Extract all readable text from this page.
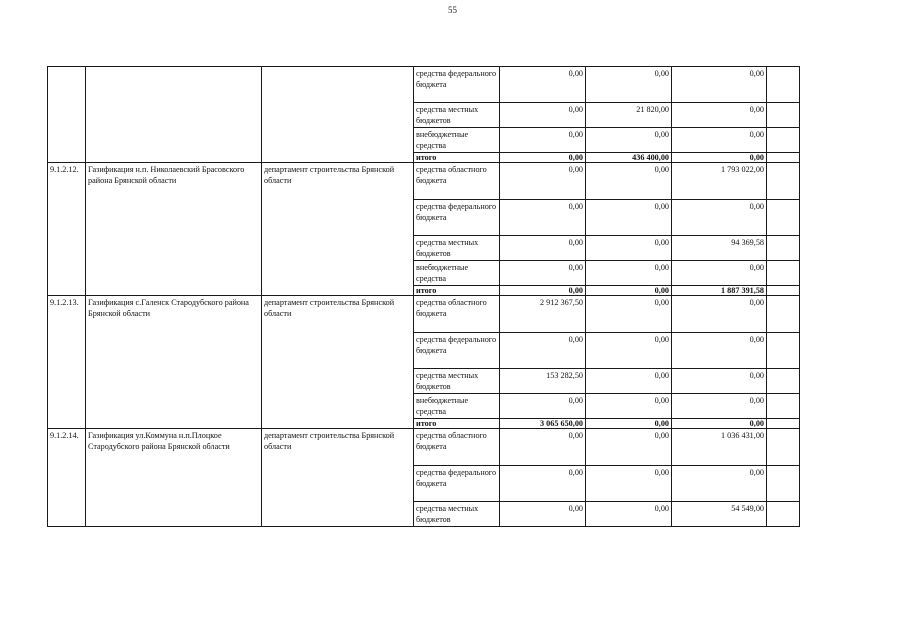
55
			средства федерального бюджета	0,00	0,00	0,00	
			средства местных бюджетов	0,00	21 820,00	0,00	
			внебюджетные средства	0,00	0,00	0,00	
			итого	0,00	436 400,00	0,00	
9.1.2.12.	Газификация н.п. Николаевский Брасовского района Брянской области	департамент строительства Брянской области	средства областного бюджета	0,00	0,00	1 793 022,00	
			средства федерального бюджета	0,00	0,00	0,00	
			средства местных бюджетов	0,00	0,00	94 369,58	
			внебюджетные средства	0,00	0,00	0,00	
			итого	0,00	0,00	1 887 391,58	
9.1.2.13.	Газификация с.Галенск Стародубского района Брянской области	департамент строительства Брянской области	средства областного бюджета	2 912 367,50	0,00	0,00	
			средства федерального бюджета	0,00	0,00	0,00	
			средства местных бюджетов	153 282,50	0,00	0,00	
			внебюджетные средства	0,00	0,00	0,00	
			итого	3 065 650,00	0,00	0,00	
9.1.2.14.	Газификация ул.Коммуна н.п.Плоцкое Стародубского района Брянской области	департамент строительства Брянской области	средства областного бюджета	0,00	0,00	1 036 431,00	
			средства федерального бюджета	0,00	0,00	0,00	
			средства местных бюджетов	0,00	0,00	54 549,00	
